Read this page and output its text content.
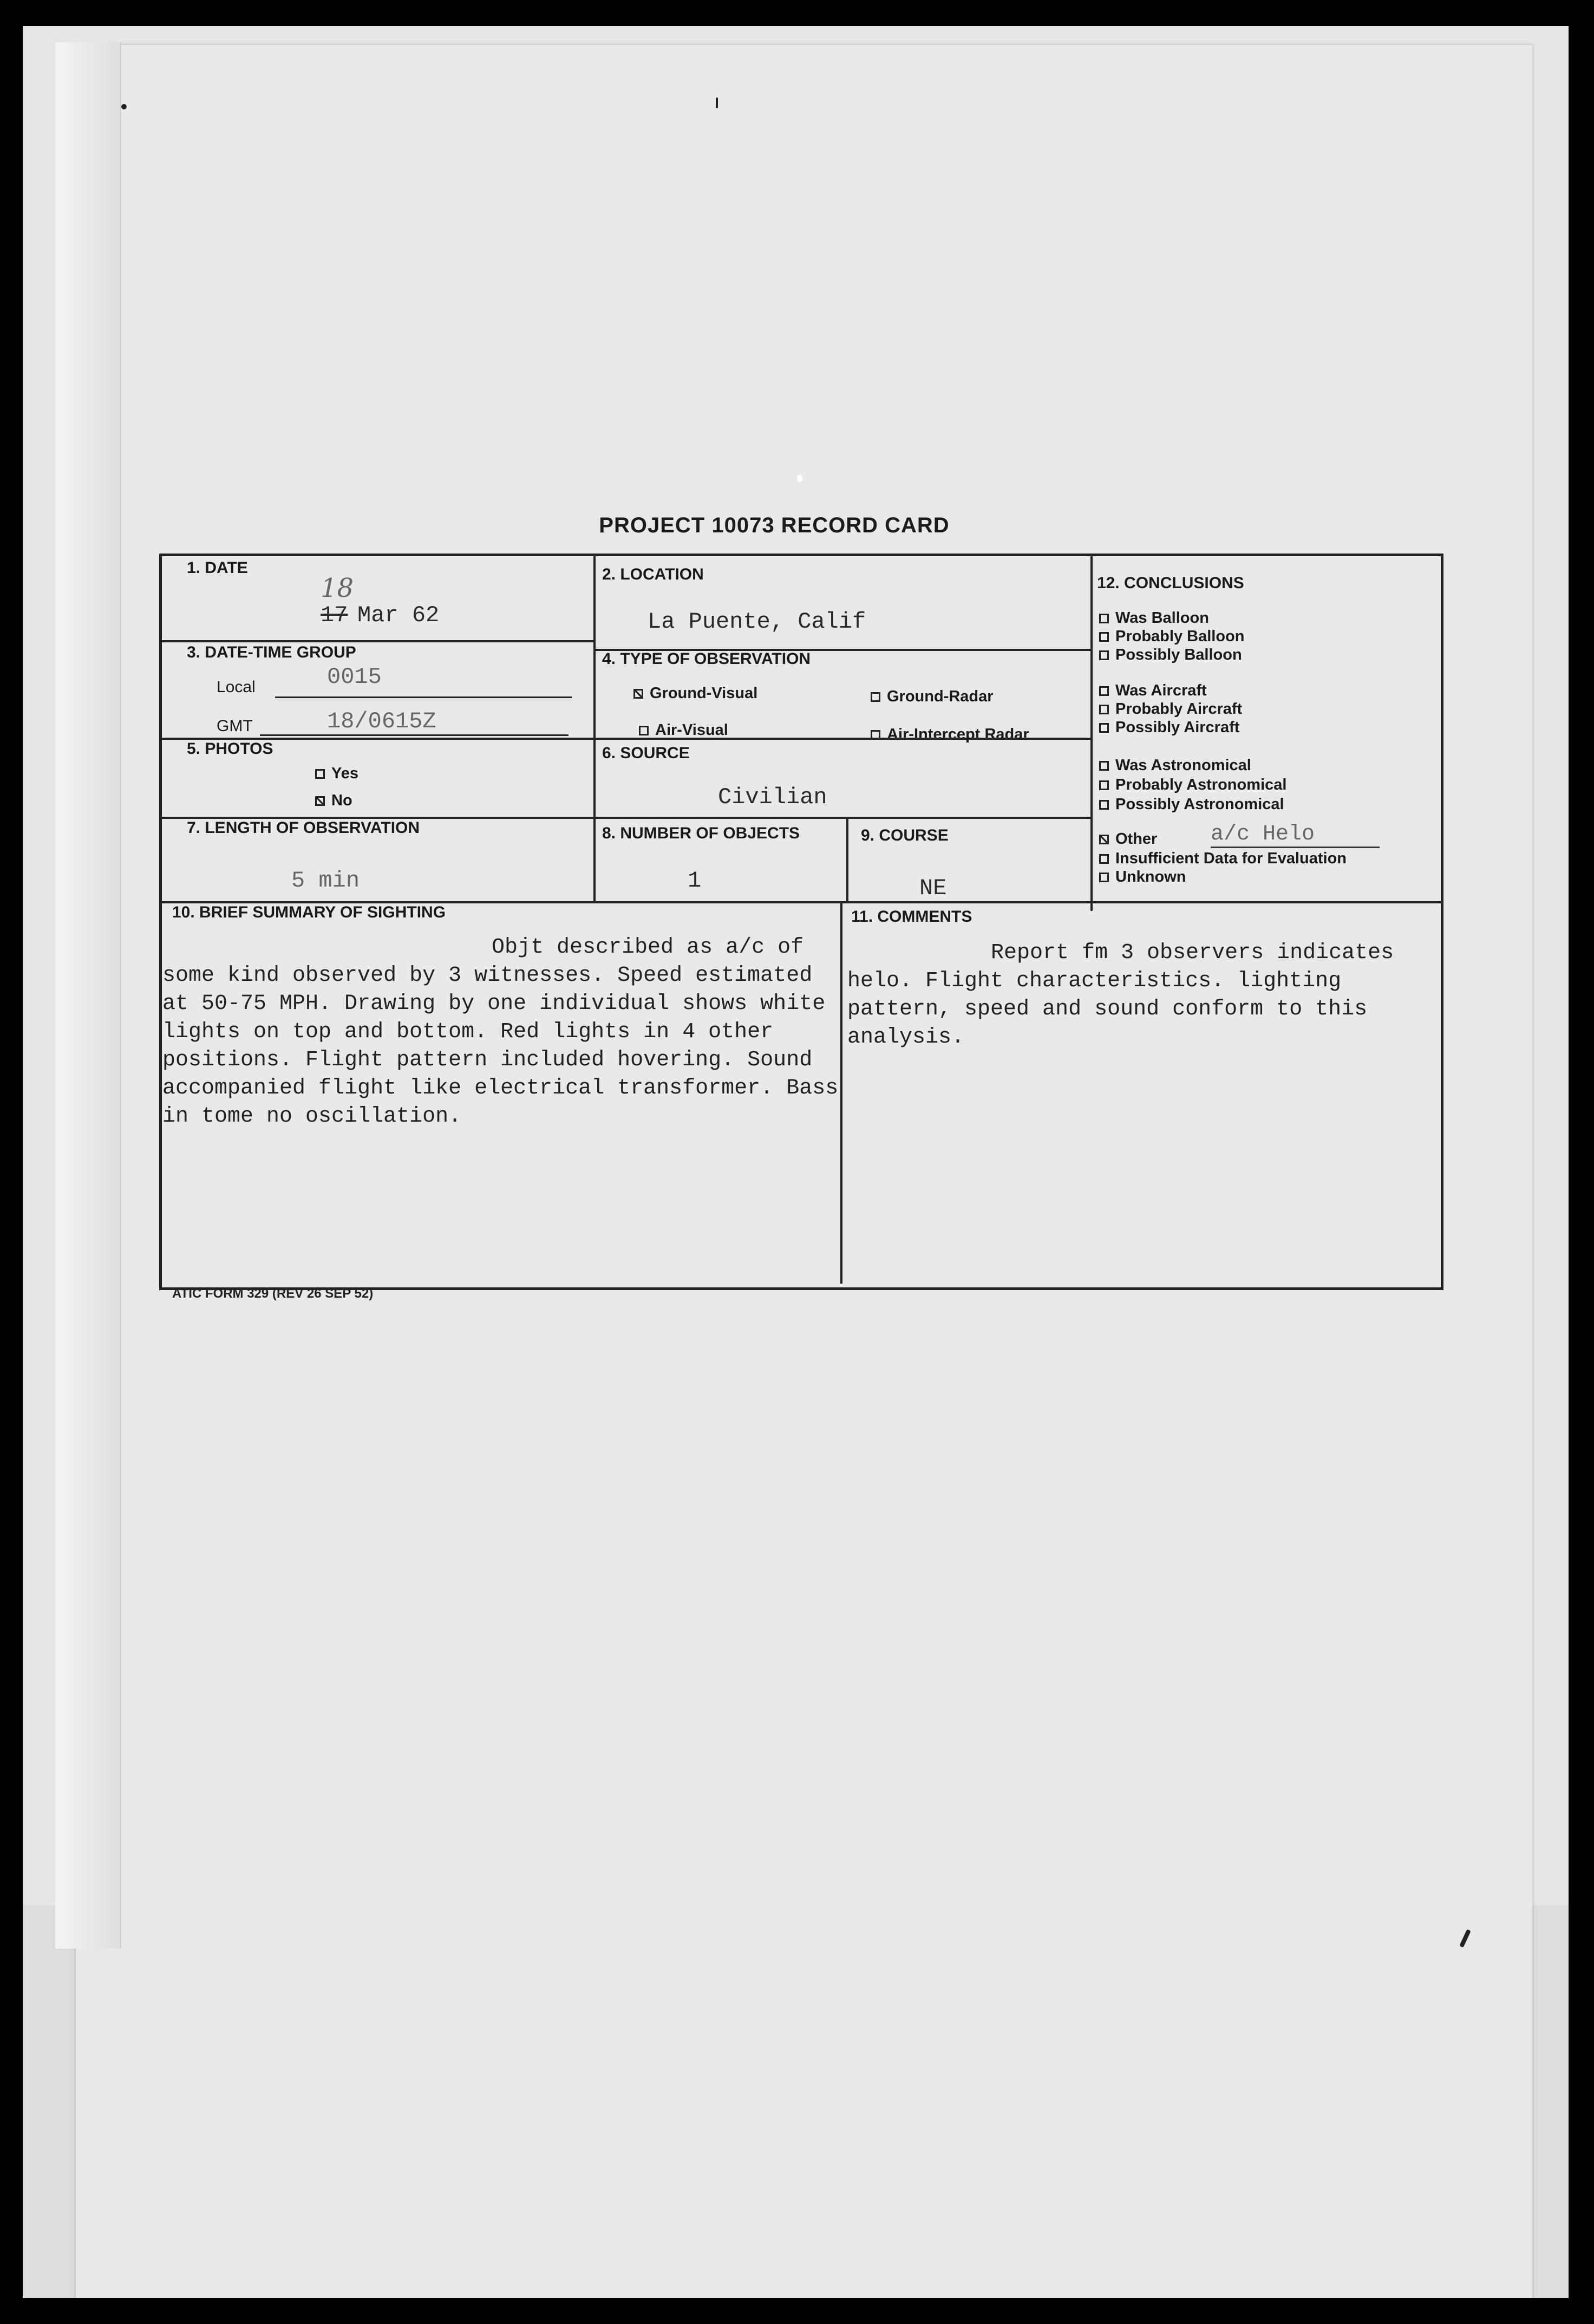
PROJECT 10073 RECORD CARD
1. DATE
18
17 Mar 62
2. LOCATION
La Puente, Calif
12. CONCLUSIONS
Was Balloon
Probably Balloon
Possibly Balloon
Was Aircraft
Probably Aircraft
Possibly Aircraft
Was Astronomical
Probably Astronomical
Possibly Astronomical
Other a/c Helo
Insufficient Data for Evaluation
Unknown
3. DATE-TIME GROUP
Local	0015
GMT	18/0615Z
4. TYPE OF OBSERVATION
Ground-Visual	Ground-Radar
Air-Visual	Air-Intercept Radar
5. PHOTOS
Yes
No
6. SOURCE
Civilian
7. LENGTH OF OBSERVATION
5 min
8. NUMBER OF OBJECTS
1
9. COURSE
NE
10. BRIEF SUMMARY OF SIGHTING

Objt described as a/c of some kind observed by 3 witnesses. Speed estimated at 50-75 MPH. Drawing by one individual shows white lights on top and bottom. Red lights in 4 other positions. Flight pattern included hovering. Sound accompanied flight like electrical transformer. Bass in tome no oscillation.

11. COMMENTS

Report fm 3 observers indicates helo. Flight characteristics. lighting pattern, speed and sound conform to this analysis.

ATIC FORM 329 (REV 26 SEP 52)
